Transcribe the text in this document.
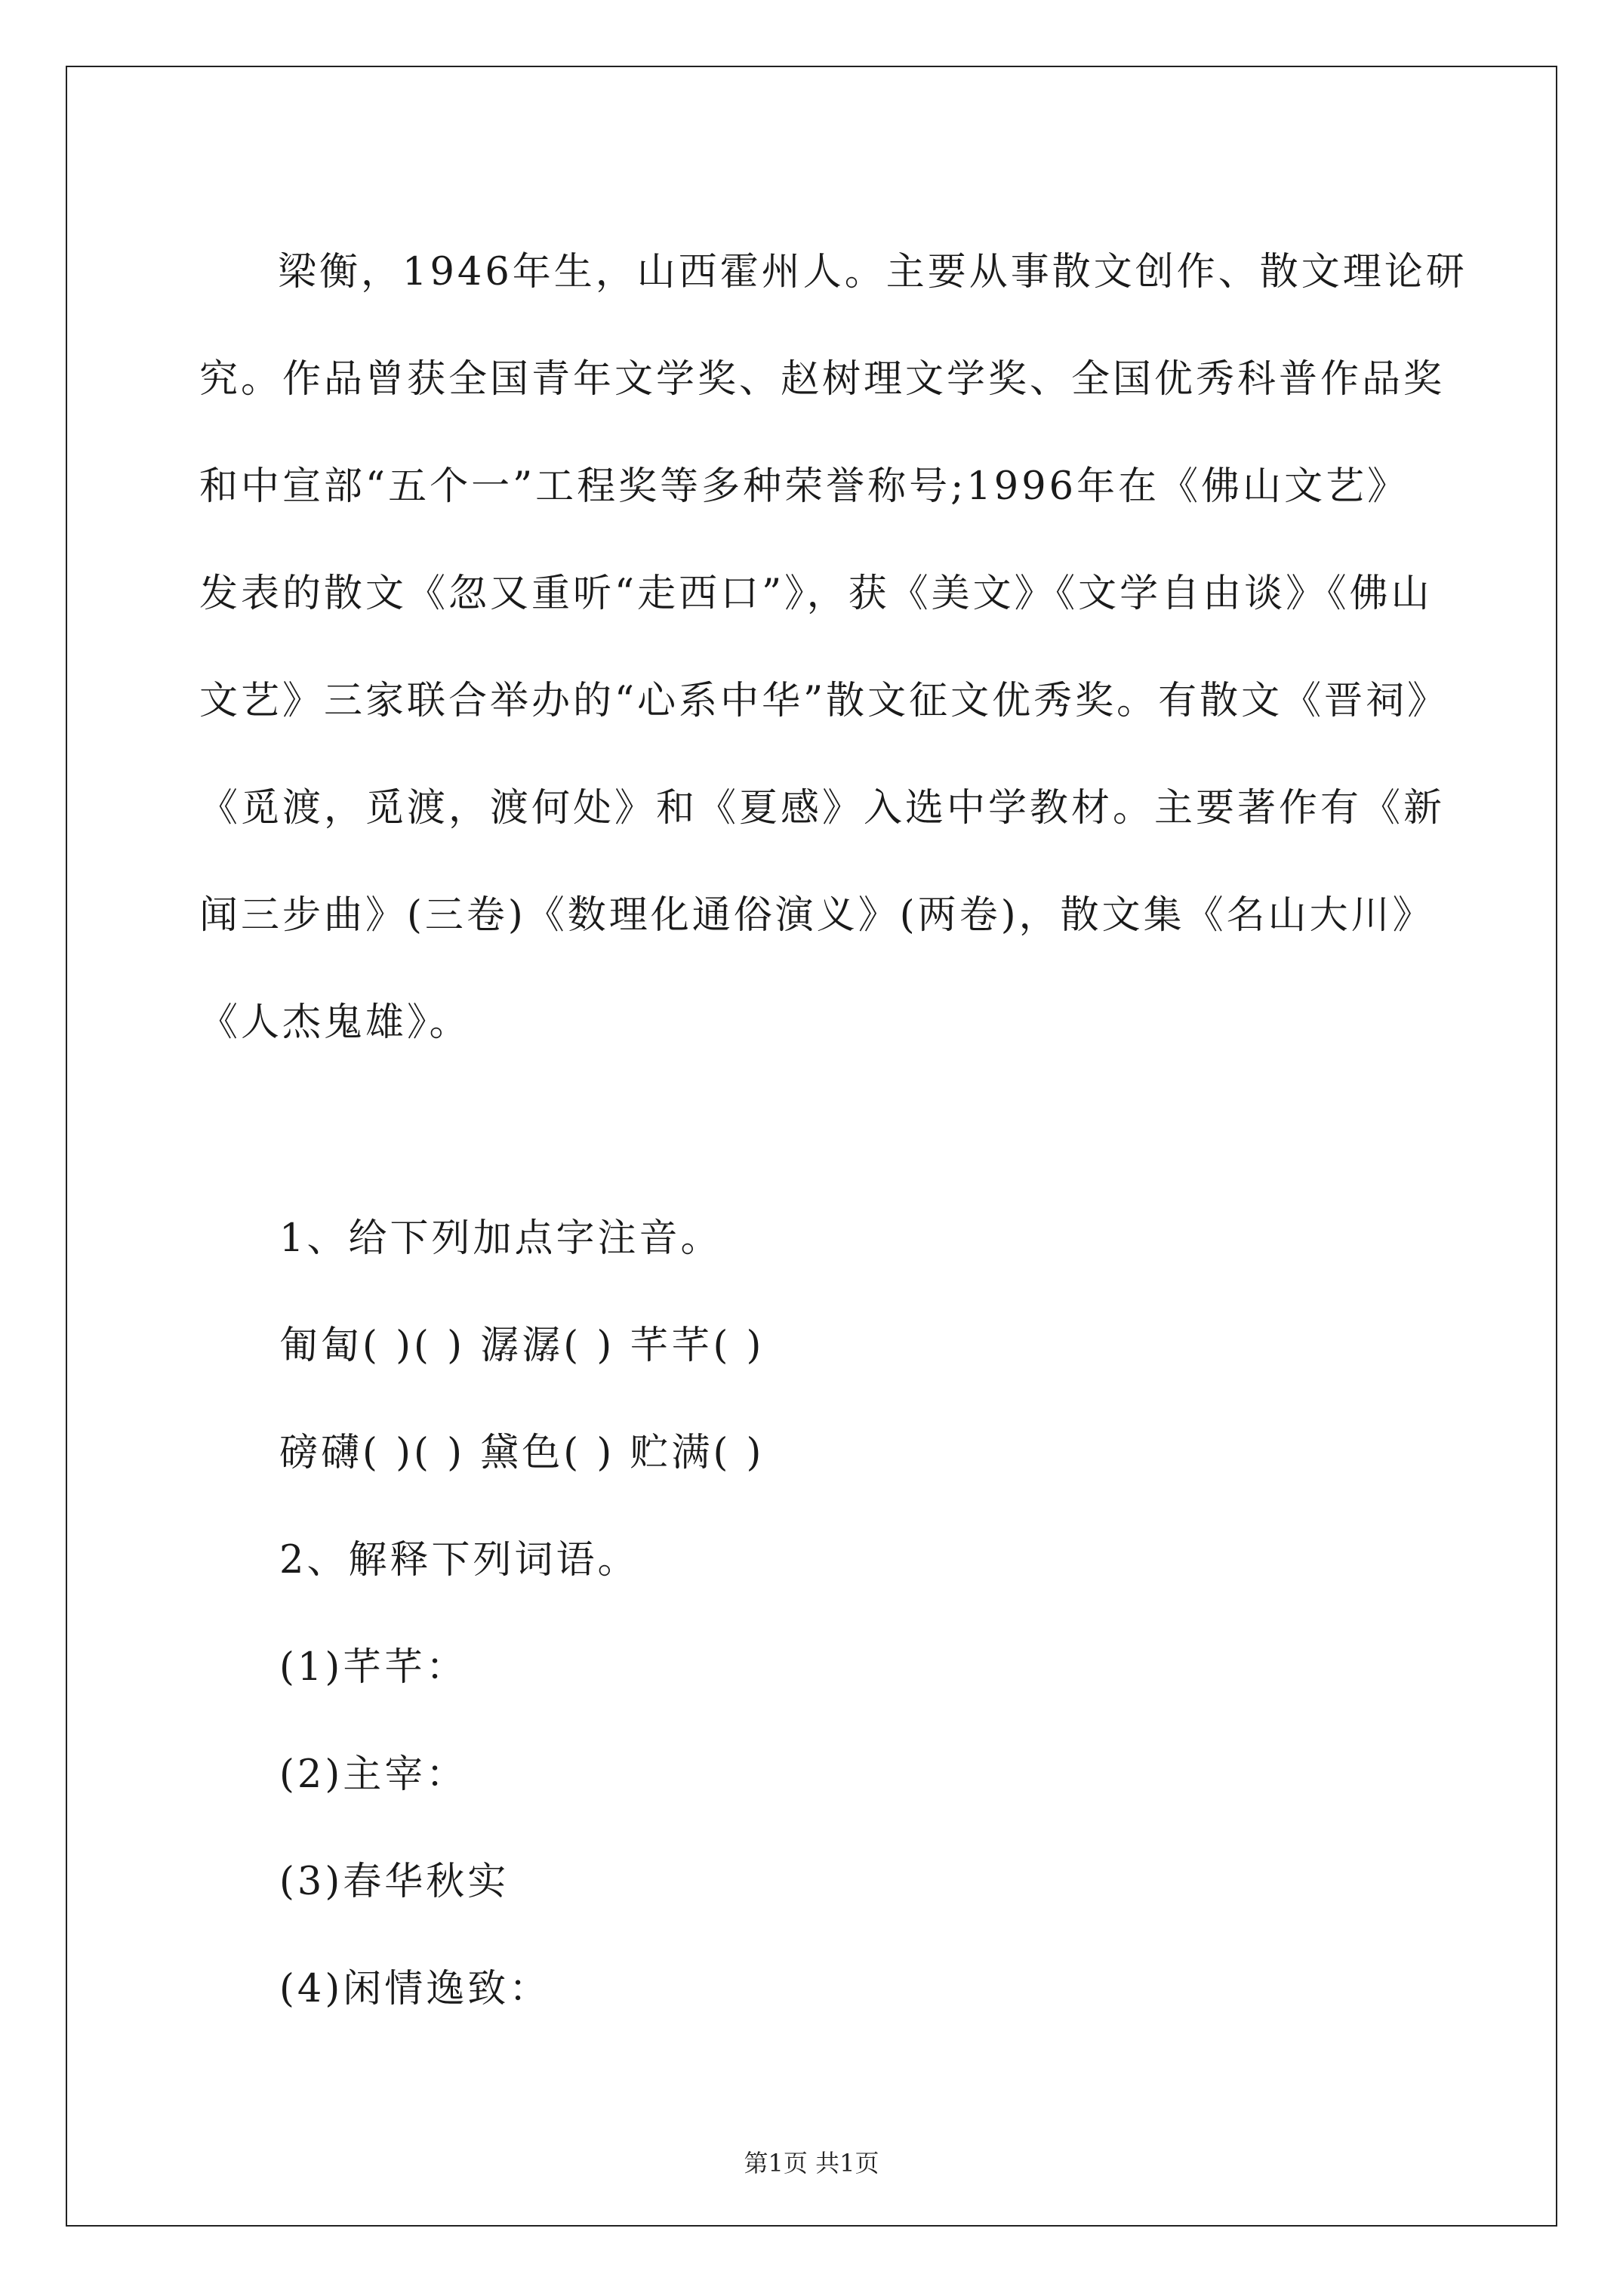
梁衡，1946年生，山西霍州人。主要从事散文创作、散文理论研
究。作品曾获全国青年文学奖、赵树理文学奖、全国优秀科普作品奖
和中宣部“五个一”工程奖等多种荣誉称号;1996年在《佛山文艺》
发表的散文《忽又重听“走西口”》，获《美文》《文学自由谈》《佛山
文艺》三家联合举办的“心系中华”散文征文优秀奖。有散文《晋祠》
《觅渡，觅渡，渡何处》和《夏感》入选中学教材。主要著作有《新
闻三步曲》(三卷)《数理化通俗演义》(两卷)，散文集《名山大川》
《人杰鬼雄》。

1、给下列加点字注音。
匍匐( )( ) 潺潺( ) 芊芊( )
磅礴( )( ) 黛色( ) 贮满( )
2、解释下列词语。
(1)芊芊：
(2)主宰：
(3)春华秋实
(4)闲情逸致：
第1页 共1页
